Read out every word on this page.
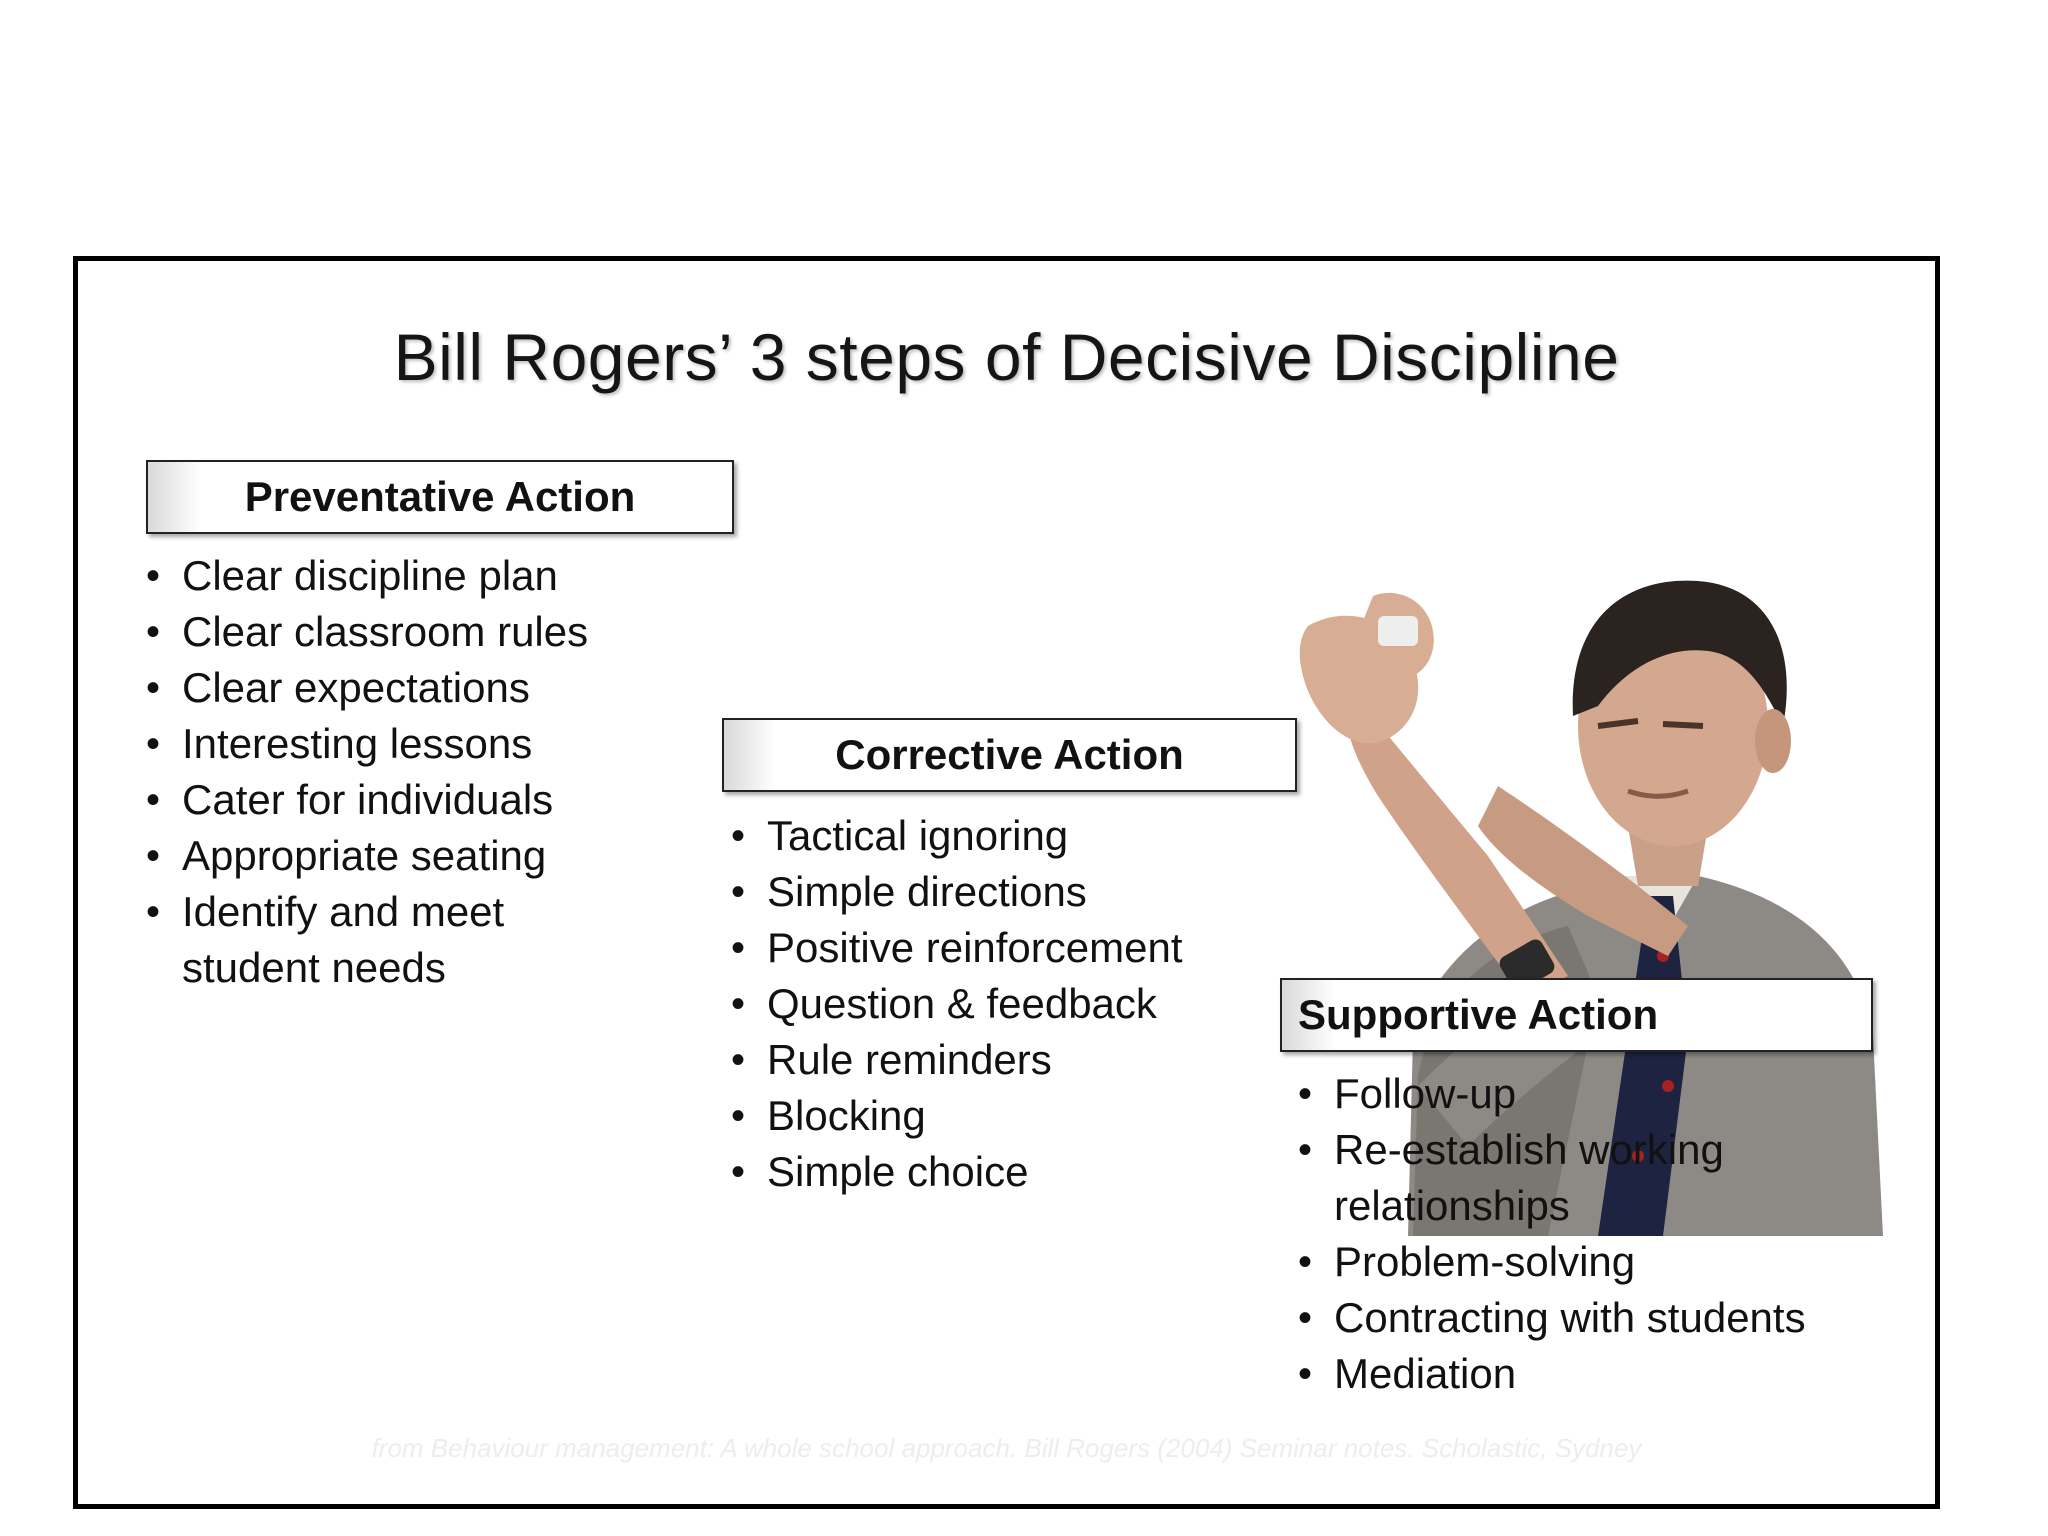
Bill Rogers’ 3 steps of Decisive Discipline
Preventative Action
• Clear discipline plan
• Clear classroom rules
• Clear expectations
• Interesting lessons
• Cater for individuals
• Appropriate seating
• Identify and meet student needs
Corrective Action
• Tactical ignoring
• Simple directions
• Positive reinforcement
• Question & feedback
• Rule reminders
• Blocking
• Simple choice
Supportive Action
• Follow-up
• Re-establish working relationships
• Problem-solving
• Contracting with students
• Mediation
from Behaviour management: A whole school approach. Bill Rogers (2004) Seminar notes. Scholastic, Sydney
